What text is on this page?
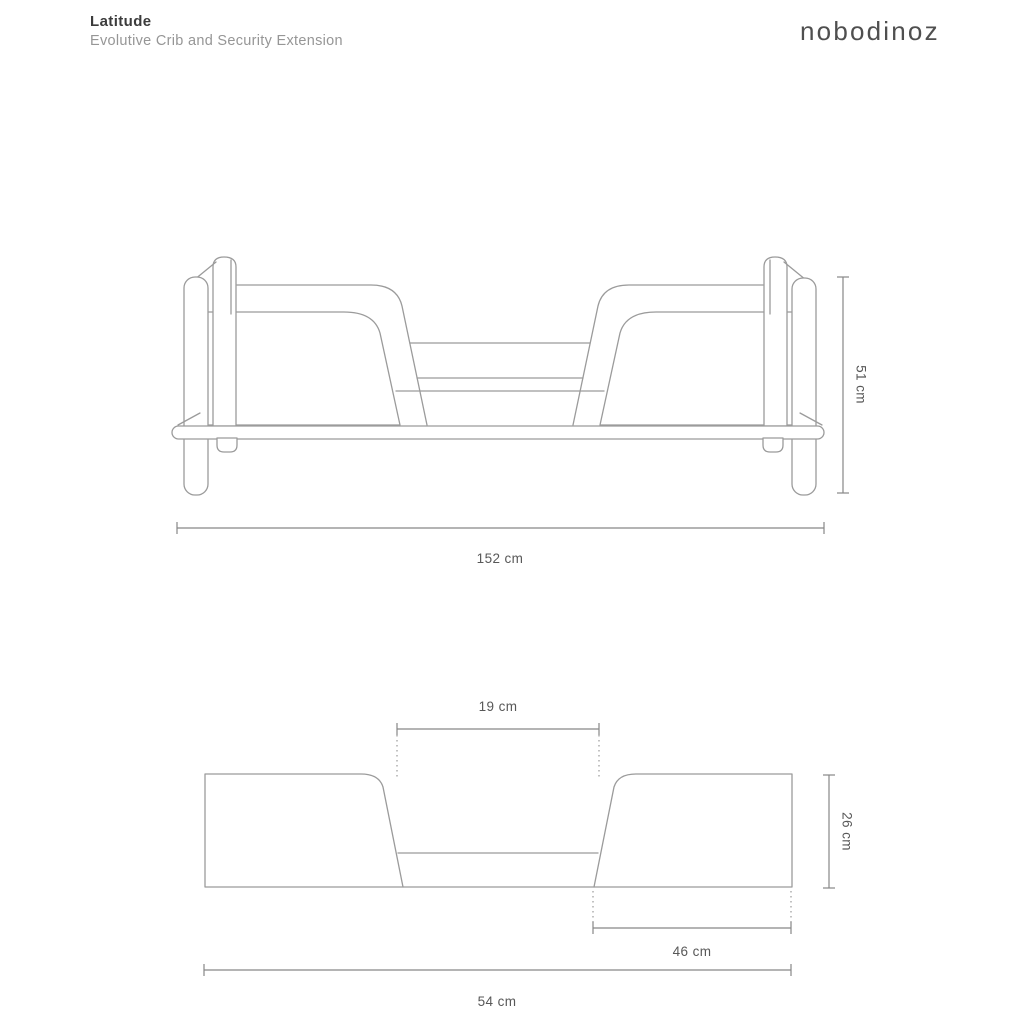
Latitude
Evolutive Crib and Security Extension	nobodinoz
51 cm
152 cm
19 cm
26 cm
46 cm
54 cm
